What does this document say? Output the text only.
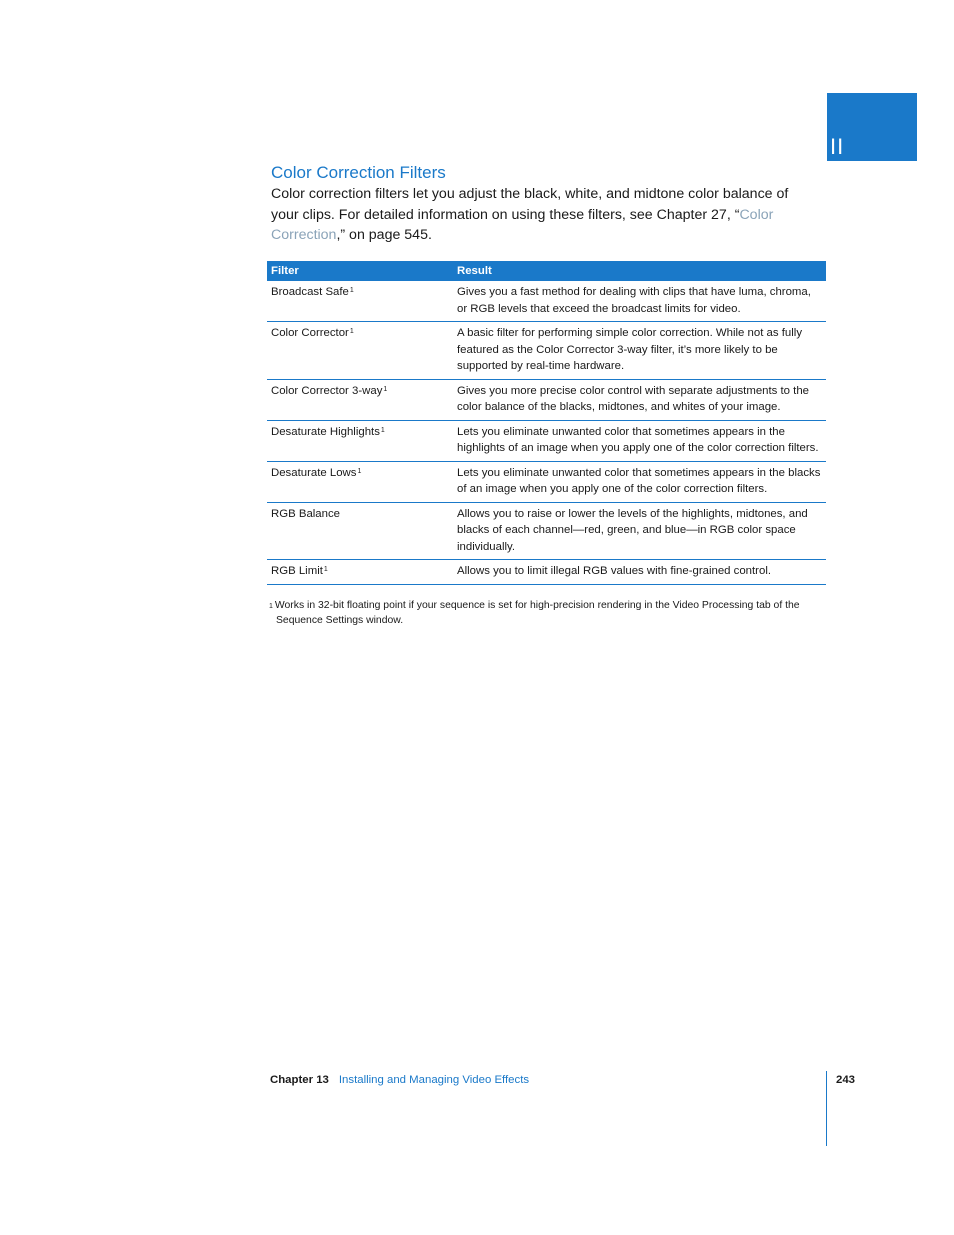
II
Color Correction Filters

Color correction filters let you adjust the black, white, and midtone color balance of your clips. For detailed information on using these filters, see Chapter 27, “Color Correction,” on page 545.

Filter	Result
Broadcast Safe$^1$	Gives you a fast method for dealing with clips that have luma, chroma, or RGB levels that exceed the broadcast limits for video.
Color Corrector$^1$	A basic filter for performing simple color correction. While not as fully featured as the Color Corrector 3-way filter, it’s more likely to be supported by real-time hardware.
Color Corrector 3-way$^1$	Gives you more precise color control with separate adjustments to the color balance of the blacks, midtones, and whites of your image.
Desaturate Highlights$^1$	Lets you eliminate unwanted color that sometimes appears in the highlights of an image when you apply one of the color correction filters.
Desaturate Lows$^1$	Lets you eliminate unwanted color that sometimes appears in the blacks of an image when you apply one of the color correction filters.
RGB Balance	Allows you to raise or lower the levels of the highlights, midtones, and blacks of each channel—red, green, and blue—in RGB color space individually.
RGB Limit$^1$	Allows you to limit illegal RGB values with fine-grained control.

$^1$ Works in 32-bit floating point if your sequence is set for high-precision rendering in the Video Processing tab of the
Sequence Settings window.

Chapter 13 Installing and Managing Video Effects	243
